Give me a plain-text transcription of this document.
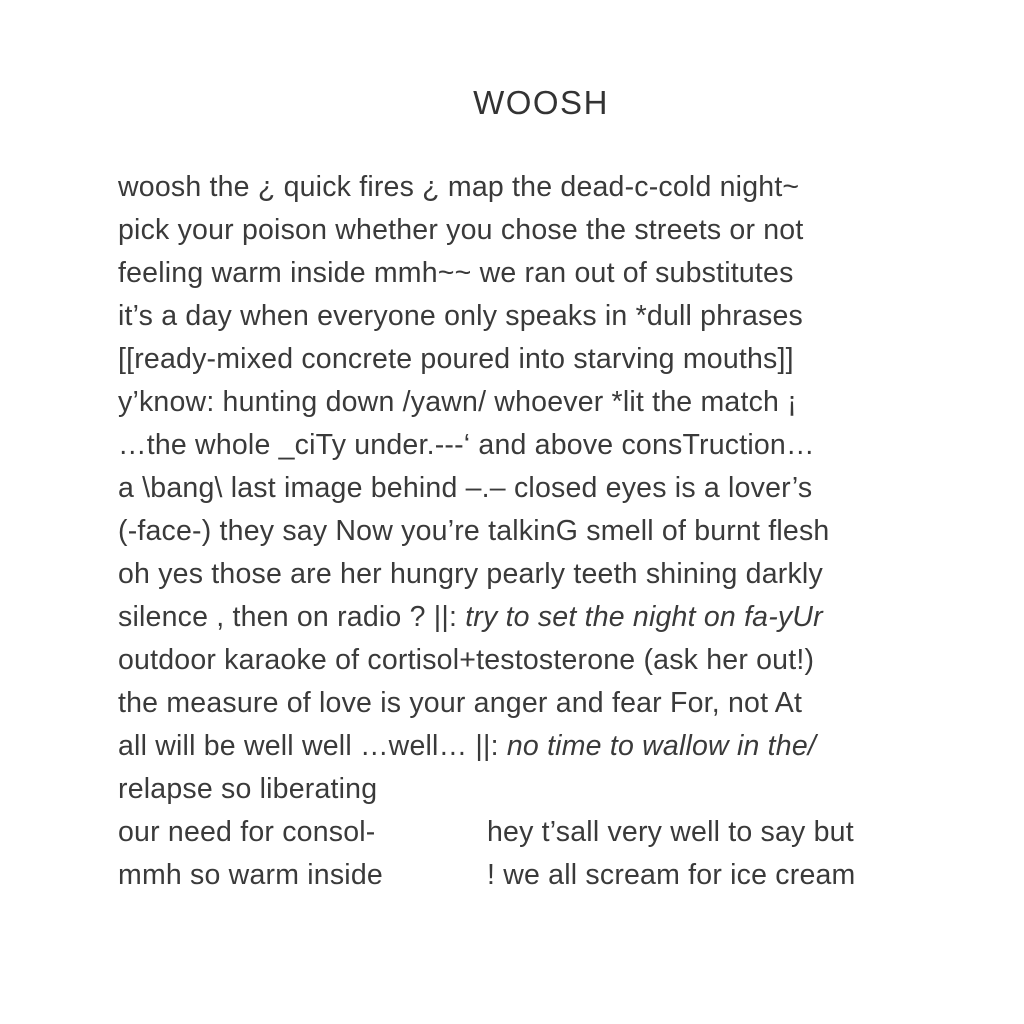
WOOSH
woosh the ¿ quick fires ¿ map the dead-c-cold night~
pick your poison whether you chose the streets or not
feeling warm inside mmh~~ we ran out of substitutes
it’s a day when everyone only speaks in *dull phrases
[[ready-mixed concrete poured into starving mouths]]
y’know: hunting down /yawn/ whoever *lit the match ¡
…the whole _ciTy under.---‘ and above consTruction…
a \bang\ last image behind –.– closed eyes is a lover’s
(-face-) they say Now you’re talkinG smell of burnt flesh
oh yes those are her hungry pearly teeth shining darkly
silence , then on radio ? ||: try to set the night on fa-yUr
outdoor karaoke of cortisol+testosterone (ask her out!)
the measure of love is your anger and fear For, not At
all will be well well …well… ||: no time to wallow in the/
relapse so liberating
our need for consol-	hey t’sall very well to say but
mmh so warm inside	! we all scream for ice cream
